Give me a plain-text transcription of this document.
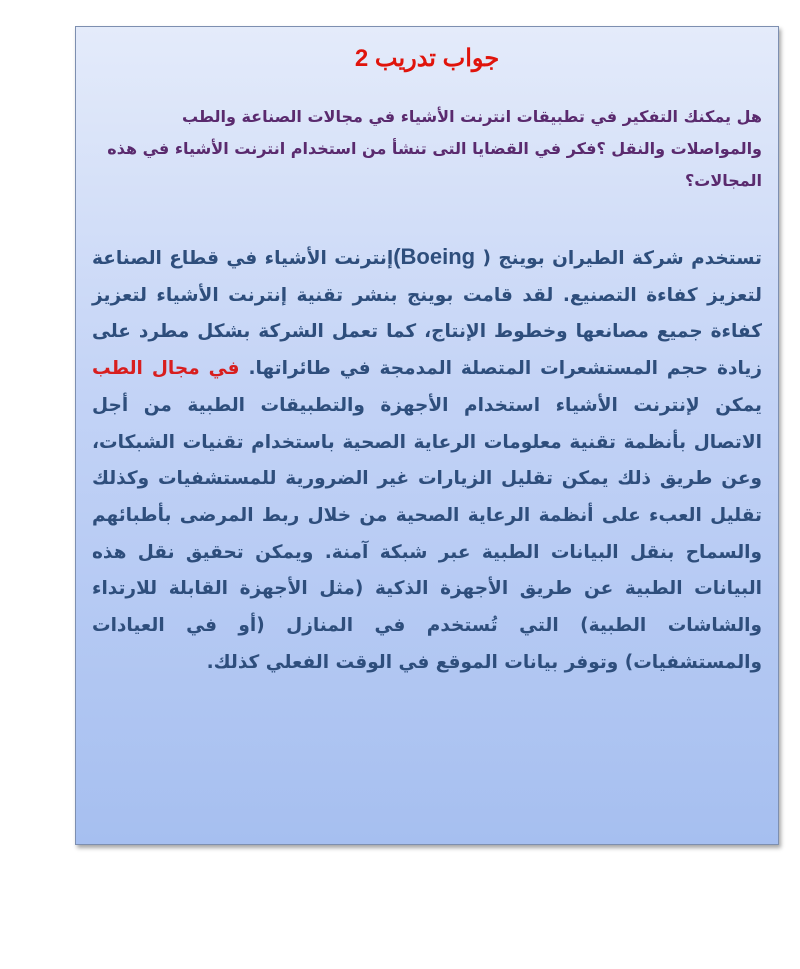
جواب تدريب 2

هل يمكنك التفكير في تطبيقات انترنت الأشياء في مجالات الصناعة والطب والمواصلات والنقل ؟فكر في القضايا التى تنشأ من استخدام انترنت الأشياء في هذه المجالات؟

تستخدم شركة الطيران بوينج ( (Boeingإنترنت الأشياء في قطاع الصناعة لتعزيز كفاءة التصنيع. لقد قامت بوينج بنشر تقنية إنترنت الأشياء لتعزيز كفاءة جميع مصانعها وخطوط الإنتاج، كما تعمل الشركة بشكل مطرد على زيادة حجم المستشعرات المتصلة المدمجة في طائراتها. في مجال الطب يمكن لإنترنت الأشياء استخدام الأجهزة والتطبيقات الطبية من أجل الاتصال بأنظمة تقنية معلومات الرعاية الصحية باستخدام تقنيات الشبكات، وعن طريق ذلك يمكن تقليل الزيارات غير الضرورية للمستشفيات وكذلك تقليل العبء على أنظمة الرعاية الصحية من خلال ربط المرضى بأطبائهم والسماح بنقل البيانات الطبية عبر شبكة آمنة. ويمكن تحقيق نقل هذه البيانات الطبية عن طريق الأجهزة الذكية (مثل الأجهزة القابلة للارتداء والشاشات الطبية) التي تُستخدم في المنازل (أو في العيادات والمستشفيات) وتوفر بيانات الموقع في الوقت الفعلي كذلك.
